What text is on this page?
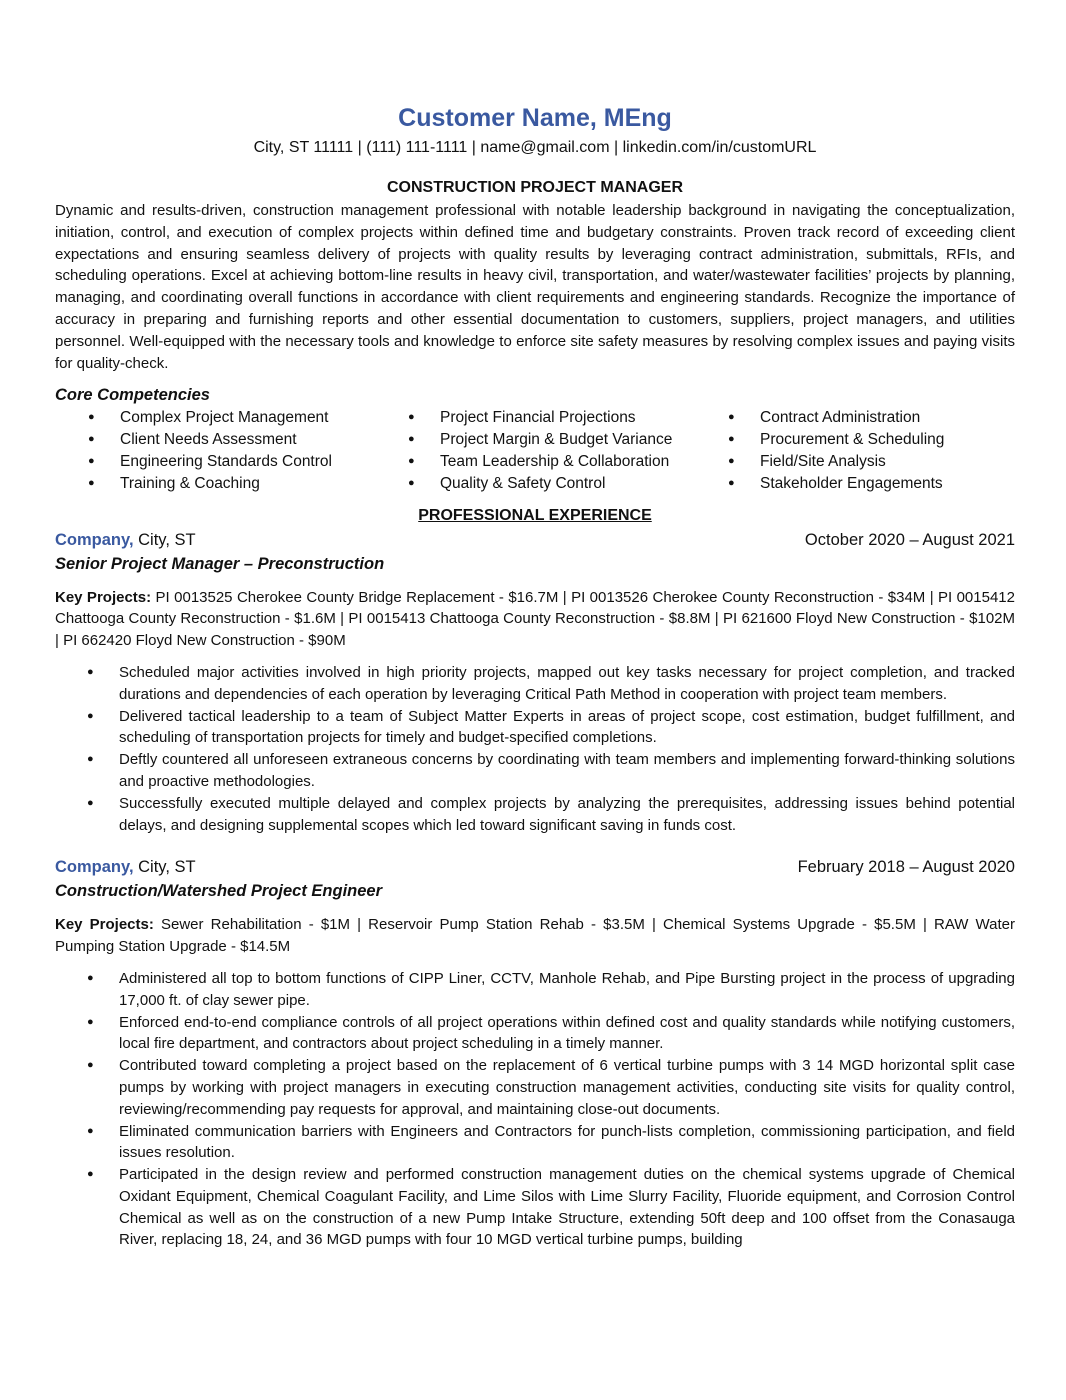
Customer Name, MEng

City, ST 11111 | (111) 111-1111 | name@gmail.com | linkedin.com/in/customURL

CONSTRUCTION PROJECT MANAGER

Dynamic and results-driven, construction management professional with notable leadership background in navigating the conceptualization, initiation, control, and execution of complex projects within defined time and budgetary constraints. Proven track record of exceeding client expectations and ensuring seamless delivery of projects with quality results by leveraging contract administration, submittals, RFIs, and scheduling operations. Excel at achieving bottom-line results in heavy civil, transportation, and water/wastewater facilities’ projects by planning, managing, and coordinating overall functions in accordance with client requirements and engineering standards. Recognize the importance of accuracy in preparing and furnishing reports and other essential documentation to customers, suppliers, project managers, and utilities personnel. Well-equipped with the necessary tools and knowledge to enforce site safety measures by resolving complex issues and paying visits for quality-check.

Core Competencies

● Complex Project Management
● Client Needs Assessment
● Engineering Standards Control
● Training & Coaching
● Project Financial Projections
● Project Margin & Budget Variance
● Team Leadership & Collaboration
● Quality & Safety Control
● Contract Administration
● Procurement & Scheduling
● Field/Site Analysis
● Stakeholder Engagements

PROFESSIONAL EXPERIENCE

Company, City, ST	October 2020 – August 2021

Senior Project Manager – Preconstruction

Key Projects: PI 0013525 Cherokee County Bridge Replacement - $16.7M | PI 0013526 Cherokee County Reconstruction - $34M | PI 0015412 Chattooga County Reconstruction - $1.6M | PI 0015413 Chattooga County Reconstruction - $8.8M | PI 621600 Floyd New Construction - $102M | PI 662420 Floyd New Construction - $90M

● Scheduled major activities involved in high priority projects, mapped out key tasks necessary for project completion, and tracked durations and dependencies of each operation by leveraging Critical Path Method in cooperation with project team members.
● Delivered tactical leadership to a team of Subject Matter Experts in areas of project scope, cost estimation, budget fulfillment, and scheduling of transportation projects for timely and budget-specified completions.
● Deftly countered all unforeseen extraneous concerns by coordinating with team members and implementing forward-thinking solutions and proactive methodologies.
● Successfully executed multiple delayed and complex projects by analyzing the prerequisites, addressing issues behind potential delays, and designing supplemental scopes which led toward significant saving in funds cost.
Company, City, ST	February 2018 – August 2020

Construction/Watershed Project Engineer

Key Projects: Sewer Rehabilitation - $1M | Reservoir Pump Station Rehab - $3.5M | Chemical Systems Upgrade - $5.5M | RAW Water Pumping Station Upgrade - $14.5M

● Administered all top to bottom functions of CIPP Liner, CCTV, Manhole Rehab, and Pipe Bursting project in the process of upgrading 17,000 ft. of clay sewer pipe.
● Enforced end-to-end compliance controls of all project operations within defined cost and quality standards while notifying customers, local fire department, and contractors about project scheduling in a timely manner.
● Contributed toward completing a project based on the replacement of 6 vertical turbine pumps with 3 14 MGD horizontal split case pumps by working with project managers in executing construction management activities, conducting site visits for quality control, reviewing/recommending pay requests for approval, and maintaining close-out documents.
● Eliminated communication barriers with Engineers and Contractors for punch-lists completion, commissioning participation, and field issues resolution.
● Participated in the design review and performed construction management duties on the chemical systems upgrade of Chemical Oxidant Equipment, Chemical Coagulant Facility, and Lime Silos with Lime Slurry Facility, Fluoride equipment, and Corrosion Control Chemical as well as on the construction of a new Pump Intake Structure, extending 50ft deep and 100 offset from the Conasauga River, replacing 18, 24, and 36 MGD pumps with four 10 MGD vertical turbine pumps, building
